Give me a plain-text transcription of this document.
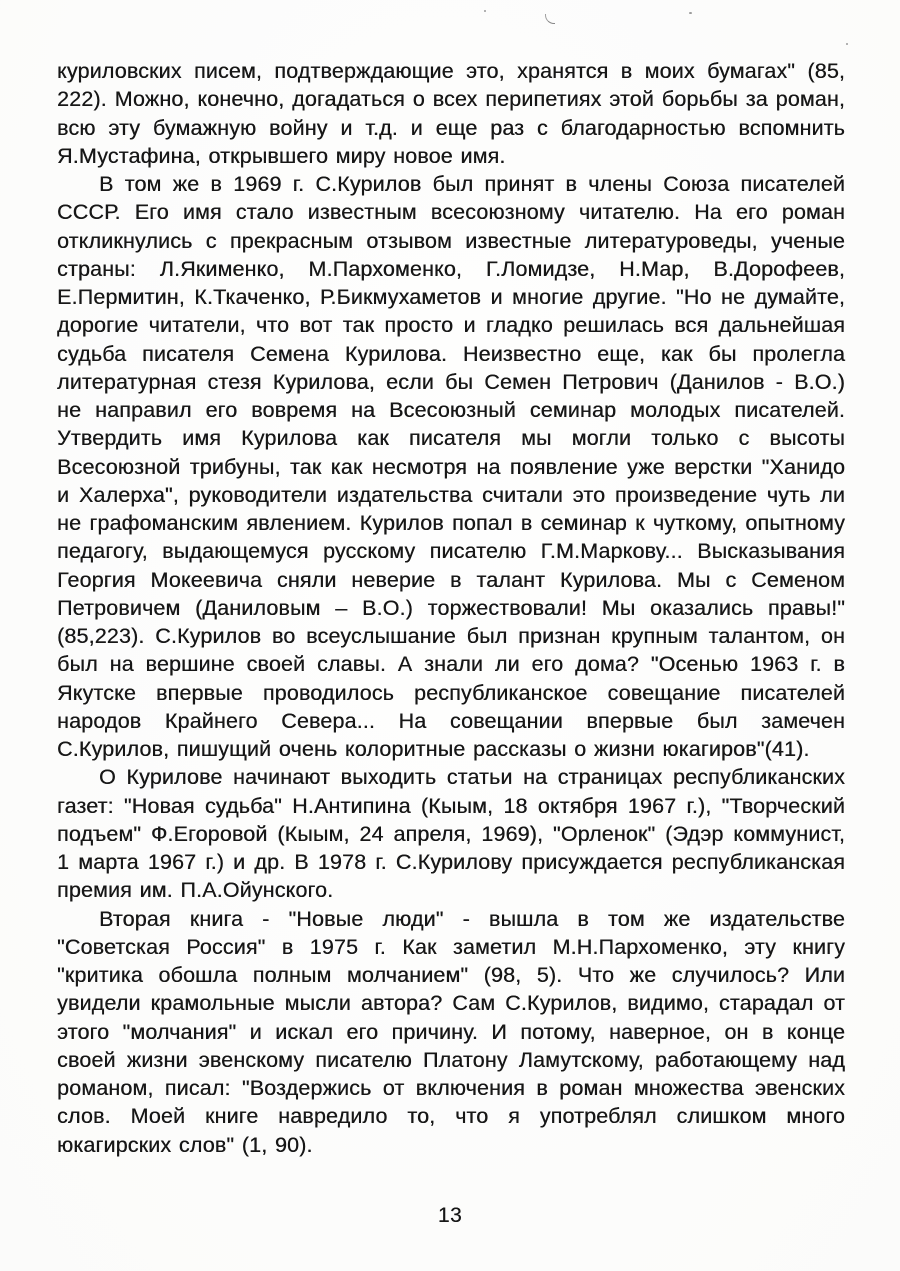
куриловских писем, подтверждающие это, хранятся в моих бумагах" (85, 222). Можно, конечно, догадаться о всех перипетиях этой борьбы за роман, всю эту бумажную войну и т.д. и еще раз с благодарностью вспомнить Я.Мустафина, открывшего миру новое имя.

В том же в 1969 г. С.Курилов был принят в члены Союза писателей СССР. Его имя стало известным всесоюзному читателю. На его роман откликнулись с прекрасным отзывом известные литературоведы, ученые страны: Л.Якименко, М.Пархоменко, Г.Ломидзе, Н.Мар, В.Дорофеев, Е.Пермитин, К.Ткаченко, Р.Бикмухаметов и многие другие. "Но не думайте, дорогие читатели, что вот так просто и гладко решилась вся дальнейшая судьба писателя Семена Курилова. Неизвестно еще, как бы пролегла литературная стезя Курилова, если бы Семен Петрович (Данилов - В.О.) не направил его вовремя на Всесоюзный семинар молодых писателей. Утвердить имя Курилова как писателя мы могли только с высоты Всесоюзной трибуны, так как несмотря на появление уже верстки "Ханидо и Халерха", руководители издательства считали это произведение чуть ли не графоманским явлением. Курилов попал в семинар к чуткому, опытному педагогу, выдающемуся русскому писателю Г.М.Маркову... Высказывания Георгия Мокеевича сняли неверие в талант Курилова. Мы с Семеном Петровичем (Даниловым – В.О.) торжествовали! Мы оказались правы!" (85,223). С.Курилов во всеуслышание был признан крупным талантом, он был на вершине своей славы. А знали ли его дома? "Осенью 1963 г. в Якутске впервые проводилось республиканское совещание писателей народов Крайнего Севера... На совещании впервые был замечен С.Курилов, пишущий очень колоритные рассказы о жизни юкагиров"(41).

О Курилове начинают выходить статьи на страницах республиканских газет: "Новая судьба" Н.Антипина (Кыым, 18 октября 1967 г.), "Творческий подъем" Ф.Егоровой (Кыым, 24 апреля, 1969), "Орленок" (Эдэр коммунист, 1 марта 1967 г.) и др. В 1978 г. С.Курилову присуждается республиканская премия им. П.А.Ойунского.

Вторая книга - "Новые люди" - вышла в том же издательстве "Советская Россия" в 1975 г. Как заметил М.Н.Пархоменко, эту книгу "критика обошла полным молчанием" (98, 5). Что же случилось? Или увидели крамольные мысли автора? Сам С.Курилов, видимо, старадал от этого "молчания" и искал его причину. И потому, наверное, он в конце своей жизни эвенскому писателю Платону Ламутскому, работающему над романом, писал: "Воздержись от включения в роман множества эвенских слов. Моей книге навредило то, что я употреблял слишком много юкагирских слов" (1, 90).

13
